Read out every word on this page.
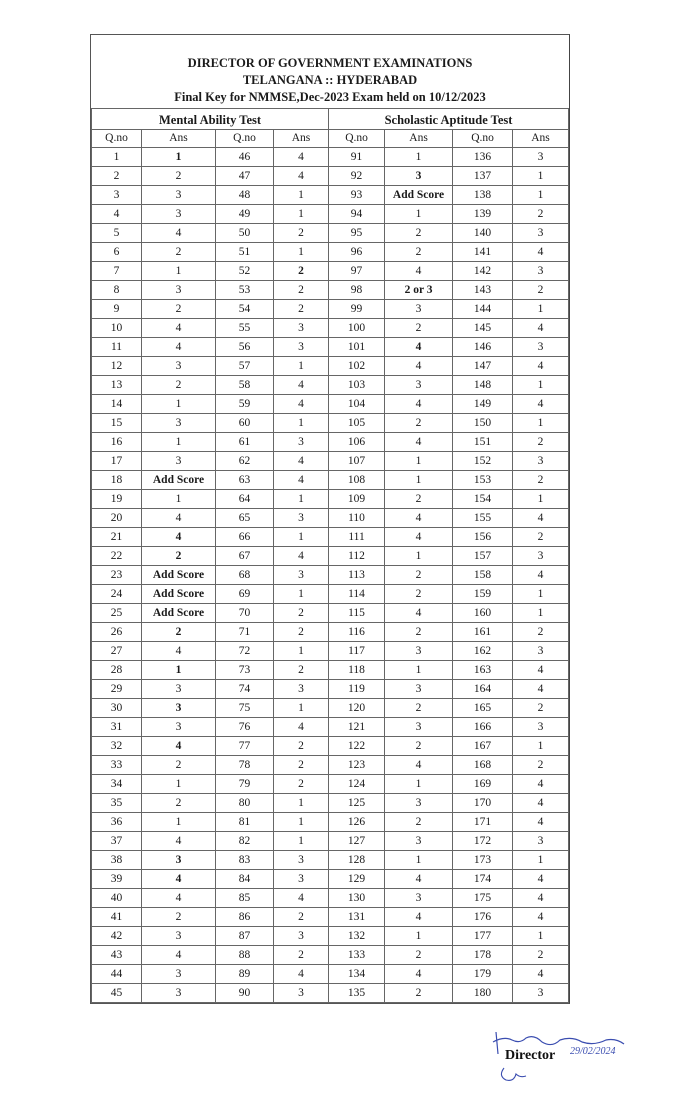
DIRECTOR OF GOVERNMENT EXAMINATIONS
TELANGANA :: HYDERABAD
Final Key for NMMSE,Dec-2023 Exam held on 10/12/2023
Mental Ability Test				Scholastic Aptitude Test			
Q.no	Ans	Q.no	Ans	Q.no	Ans	Q.no	Ans
1	1	46	4	91	1	136	3
2	2	47	4	92	3	137	1
3	3	48	1	93	Add Score	138	1
4	3	49	1	94	1	139	2
5	4	50	2	95	2	140	3
6	2	51	1	96	2	141	4
7	1	52	2	97	4	142	3
8	3	53	2	98	2 or 3	143	2
9	2	54	2	99	3	144	1
10	4	55	3	100	2	145	4
11	4	56	3	101	4	146	3
12	3	57	1	102	4	147	4
13	2	58	4	103	3	148	1
14	1	59	4	104	4	149	4
15	3	60	1	105	2	150	1
16	1	61	3	106	4	151	2
17	3	62	4	107	1	152	3
18	Add Score	63	4	108	1	153	2
19	1	64	1	109	2	154	1
20	4	65	3	110	4	155	4
21	4	66	1	111	4	156	2
22	2	67	4	112	1	157	3
23	Add Score	68	3	113	2	158	4
24	Add Score	69	1	114	2	159	1
25	Add Score	70	2	115	4	160	1
26	2	71	2	116	2	161	2
27	4	72	1	117	3	162	3
28	1	73	2	118	1	163	4
29	3	74	3	119	3	164	4
30	3	75	1	120	2	165	2
31	3	76	4	121	3	166	3
32	4	77	2	122	2	167	1
33	2	78	2	123	4	168	2
34	1	79	2	124	1	169	4
35	2	80	1	125	3	170	4
36	1	81	1	126	2	171	4
37	4	82	1	127	3	172	3
38	3	83	3	128	1	173	1
39	4	84	3	129	4	174	4
40	4	85	4	130	3	175	4
41	2	86	2	131	4	176	4
42	3	87	3	132	1	177	1
43	4	88	2	133	2	178	2
44	3	89	4	134	4	179	4
45	3	90	3	135	2	180	3
Director 29/02/2024
